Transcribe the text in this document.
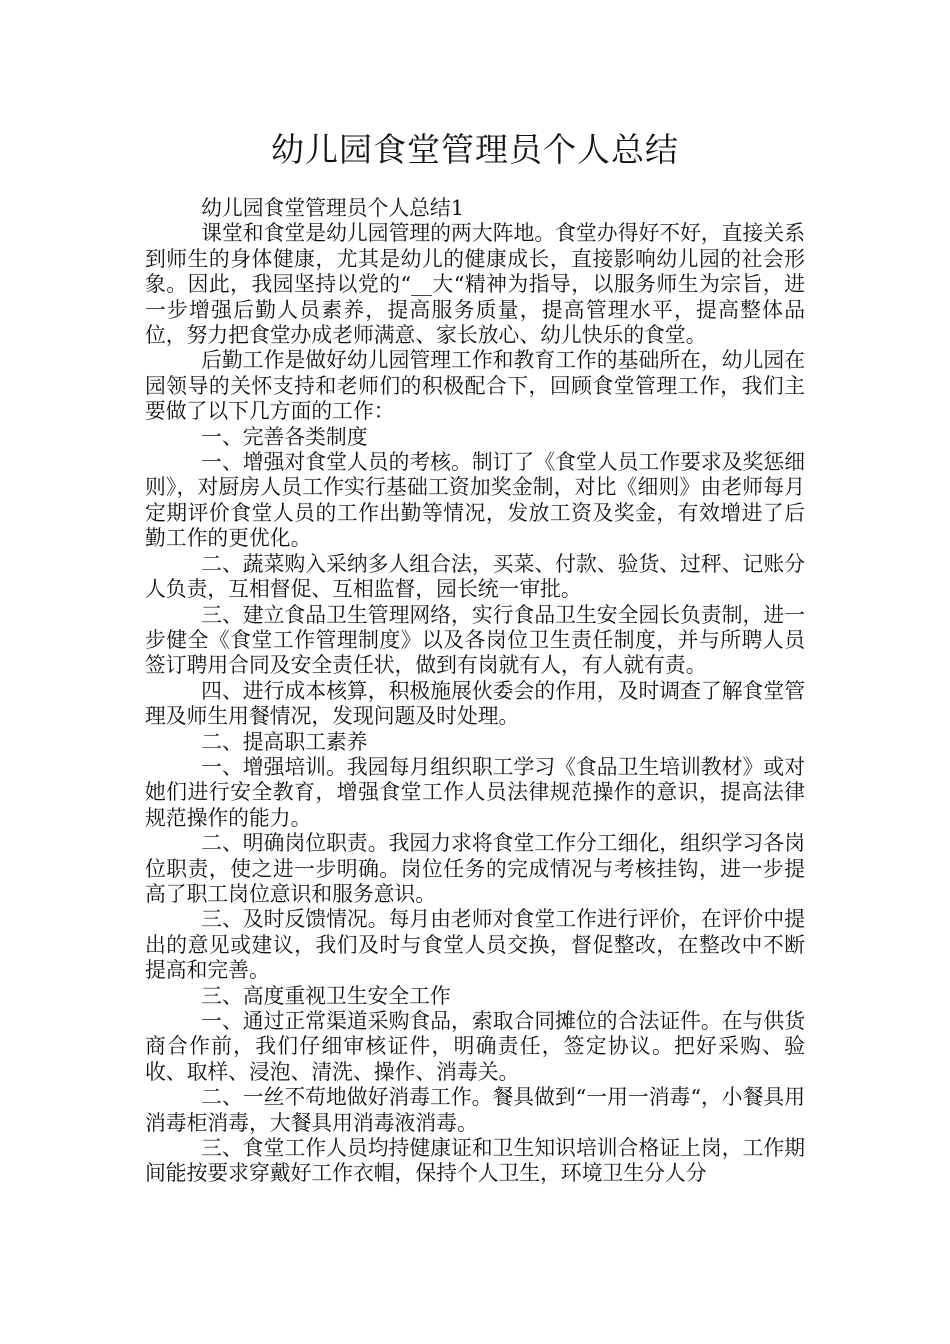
幼儿园食堂管理员个人总结

幼儿园食堂管理员个人总结1

课堂和食堂是幼儿园管理的两大阵地。食堂办得好不好，直接关系到师生的身体健康，尤其是幼儿的健康成长，直接影响幼儿园的社会形象。因此，我园坚持以党的“__大“精神为指导，以服务师生为宗旨，进一步增强后勤人员素养，提高服务质量，提高管理水平，提高整体品位，努力把食堂办成老师满意、家长放心、幼儿快乐的食堂。

后勤工作是做好幼儿园管理工作和教育工作的基础所在，幼儿园在园领导的关怀支持和老师们的积极配合下，回顾食堂管理工作，我们主要做了以下几方面的工作：

一、完善各类制度

一、增强对食堂人员的考核。制订了《食堂人员工作要求及奖惩细则》，对厨房人员工作实行基础工资加奖金制，对比《细则》由老师每月定期评价食堂人员的工作出勤等情况，发放工资及奖金，有效增进了后勤工作的更优化。

二、蔬菜购入采纳多人组合法，买菜、付款、验货、过秤、记账分人负责，互相督促、互相监督，园长统一审批。

三、建立食品卫生管理网络，实行食品卫生安全园长负责制，进一步健全《食堂工作管理制度》以及各岗位卫生责任制度，并与所聘人员签订聘用合同及安全责任状，做到有岗就有人，有人就有责。

四、进行成本核算，积极施展伙委会的作用，及时调查了解食堂管理及师生用餐情况，发现问题及时处理。

二、提高职工素养

一、增强培训。我园每月组织职工学习《食品卫生培训教材》或对她们进行安全教育，增强食堂工作人员法律规范操作的意识，提高法律规范操作的能力。

二、明确岗位职责。我园力求将食堂工作分工细化，组织学习各岗位职责，使之进一步明确。岗位任务的完成情况与考核挂钩，进一步提高了职工岗位意识和服务意识。

三、及时反馈情况。每月由老师对食堂工作进行评价，在评价中提出的意见或建议，我们及时与食堂人员交换，督促整改，在整改中不断提高和完善。

三、高度重视卫生安全工作

一、通过正常渠道采购食品，索取合同摊位的合法证件。在与供货商合作前，我们仔细审核证件，明确责任，签定协议。把好采购、验收、取样、浸泡、清洗、操作、消毒关。

二、一丝不苟地做好消毒工作。餐具做到“一用一消毒“，小餐具用消毒柜消毒，大餐具用消毒液消毒。

三、食堂工作人员均持健康证和卫生知识培训合格证上岗，工作期间能按要求穿戴好工作衣帽，保持个人卫生，环境卫生分人分
